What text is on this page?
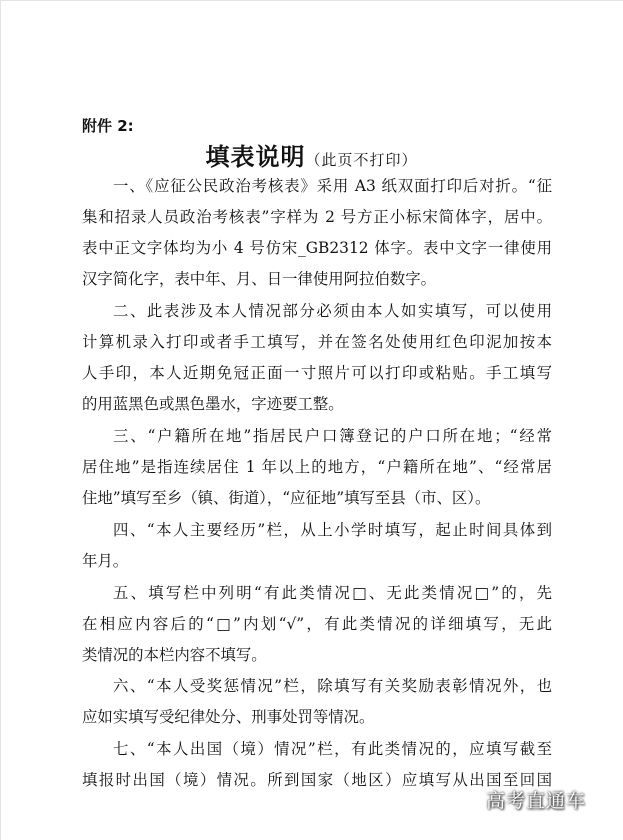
附件 2:
填表说明（此页不打印）
一、《应征公民政治考核表》采用 A3 纸双面打印后对折。“征
集和招录人员政治考核表”字样为 2 号方正小标宋简体字，居中。
表中正文字体均为小 4 号仿宋_GB2312 体字。表中文字一律使用
汉字简化字，表中年、月、日一律使用阿拉伯数字。
二、此表涉及本人情况部分必须由本人如实填写，可以使用
计算机录入打印或者手工填写，并在签名处使用红色印泥加按本
人手印，本人近期免冠正面一寸照片可以打印或粘贴。手工填写
的用蓝黑色或黑色墨水，字迹要工整。
三、“户籍所在地”指居民户口簿登记的户口所在地；“经常
居住地”是指连续居住 1 年以上的地方，“户籍所在地”、“经常居
住地”填写至乡（镇、街道），“应征地”填写至县（市、区）。
四、“本人主要经历”栏，从上小学时填写，起止时间具体到
年月。
五、填写栏中列明“有此类情况□、无此类情况□”的，先
在相应内容后的“□”内划“√”，有此类情况的详细填写，无此
类情况的本栏内容不填写。
六、“本人受奖惩情况”栏，除填写有关奖励表彰情况外，也
应如实填写受纪律处分、刑事处罚等情况。
七、“本人出国（境）情况”栏，有此类情况的，应填写截至
填报时出国（境）情况。所到国家（地区）应填写从出国至回国
高考直通车
